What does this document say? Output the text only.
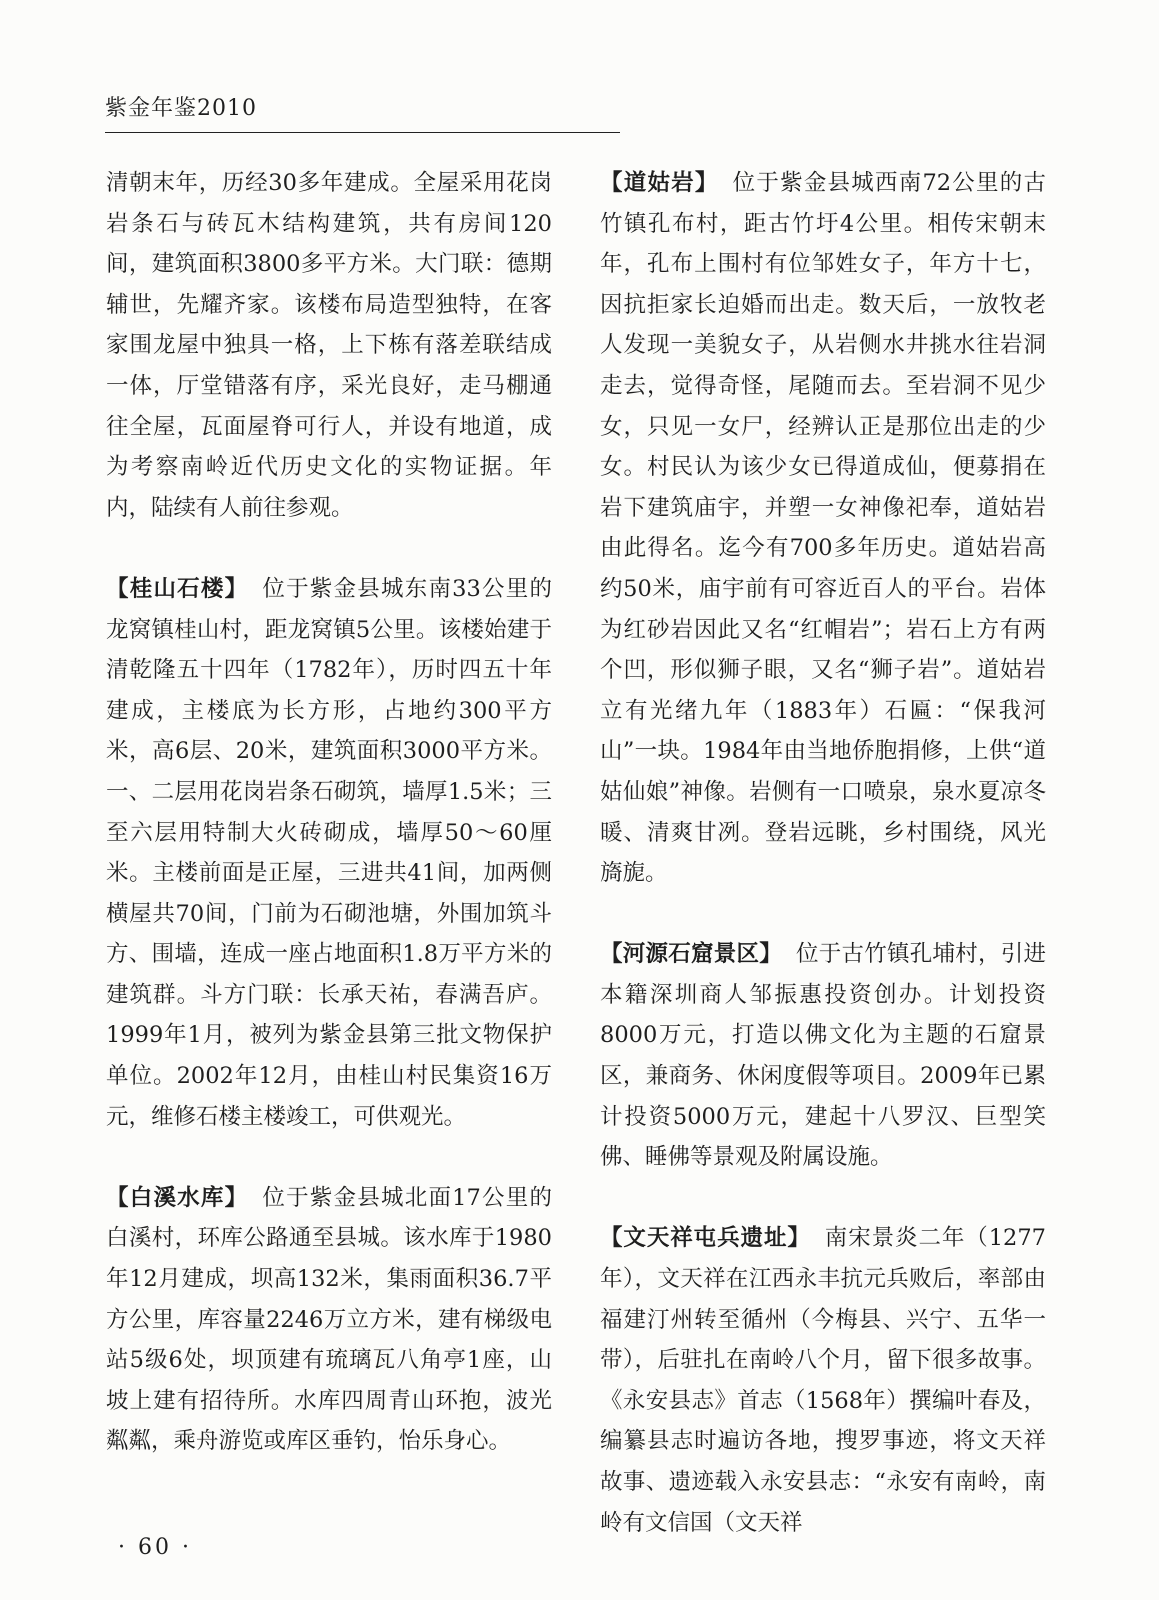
紫金年鉴2010

清朝末年，历经30多年建成。全屋采用花岗岩条石与砖瓦木结构建筑，共有房间120间，建筑面积3800多平方米。大门联：德期辅世，先耀齐家。该楼布局造型独特，在客家围龙屋中独具一格，上下栋有落差联结成一体，厅堂错落有序，采光良好，走马棚通往全屋，瓦面屋脊可行人，并设有地道，成为考察南岭近代历史文化的实物证据。年内，陆续有人前往参观。

【桂山石楼】 位于紫金县城东南33公里的龙窝镇桂山村，距龙窝镇5公里。该楼始建于清乾隆五十四年（1782年），历时四五十年建成，主楼底为长方形，占地约300平方米，高6层、20米，建筑面积3000平方米。一、二层用花岗岩条石砌筑，墙厚1.5米；三至六层用特制大火砖砌成，墙厚50～60厘米。主楼前面是正屋，三进共41间，加两侧横屋共70间，门前为石砌池塘，外围加筑斗方、围墙，连成一座占地面积1.8万平方米的建筑群。斗方门联：长承天祐，春满吾庐。1999年1月，被列为紫金县第三批文物保护单位。2002年12月，由桂山村民集资16万元，维修石楼主楼竣工，可供观光。

【白溪水库】 位于紫金县城北面17公里的白溪村，环库公路通至县城。该水库于1980年12月建成，坝高132米，集雨面积36.7平方公里，库容量2246万立方米，建有梯级电站5级6处，坝顶建有琉璃瓦八角亭1座，山坡上建有招待所。水库四周青山环抱，波光粼粼，乘舟游览或库区垂钓，怡乐身心。

【道姑岩】 位于紫金县城西南72公里的古竹镇孔布村，距古竹圩4公里。相传宋朝末年，孔布上围村有位邹姓女子，年方十七，因抗拒家长迫婚而出走。数天后，一放牧老人发现一美貌女子，从岩侧水井挑水往岩洞走去，觉得奇怪，尾随而去。至岩洞不见少女，只见一女尸，经辨认正是那位出走的少女。村民认为该少女已得道成仙，便募捐在岩下建筑庙宇，并塑一女神像祀奉，道姑岩由此得名。迄今有700多年历史。道姑岩高约50米，庙宇前有可容近百人的平台。岩体为红砂岩因此又名“红帽岩”；岩石上方有两个凹，形似狮子眼，又名“狮子岩”。道姑岩立有光绪九年（1883年）石匾：“保我河山”一块。1984年由当地侨胞捐修，上供“道姑仙娘”神像。岩侧有一口喷泉，泉水夏凉冬暖、清爽甘冽。登岩远眺，乡村围绕，风光旖旎。

【河源石窟景区】 位于古竹镇孔埔村，引进本籍深圳商人邹振惠投资创办。计划投资8000万元，打造以佛文化为主题的石窟景区，兼商务、休闲度假等项目。2009年已累计投资5000万元，建起十八罗汉、巨型笑佛、睡佛等景观及附属设施。

【文天祥屯兵遗址】 南宋景炎二年（1277年），文天祥在江西永丰抗元兵败后，率部由福建汀州转至循州（今梅县、兴宁、五华一带），后驻扎在南岭八个月，留下很多故事。《永安县志》首志（1568年）撰编叶春及，编纂县志时遍访各地，搜罗事迹，将文天祥故事、遗迹载入永安县志：“永安有南岭，南岭有文信国（文天祥

· 60 ·
